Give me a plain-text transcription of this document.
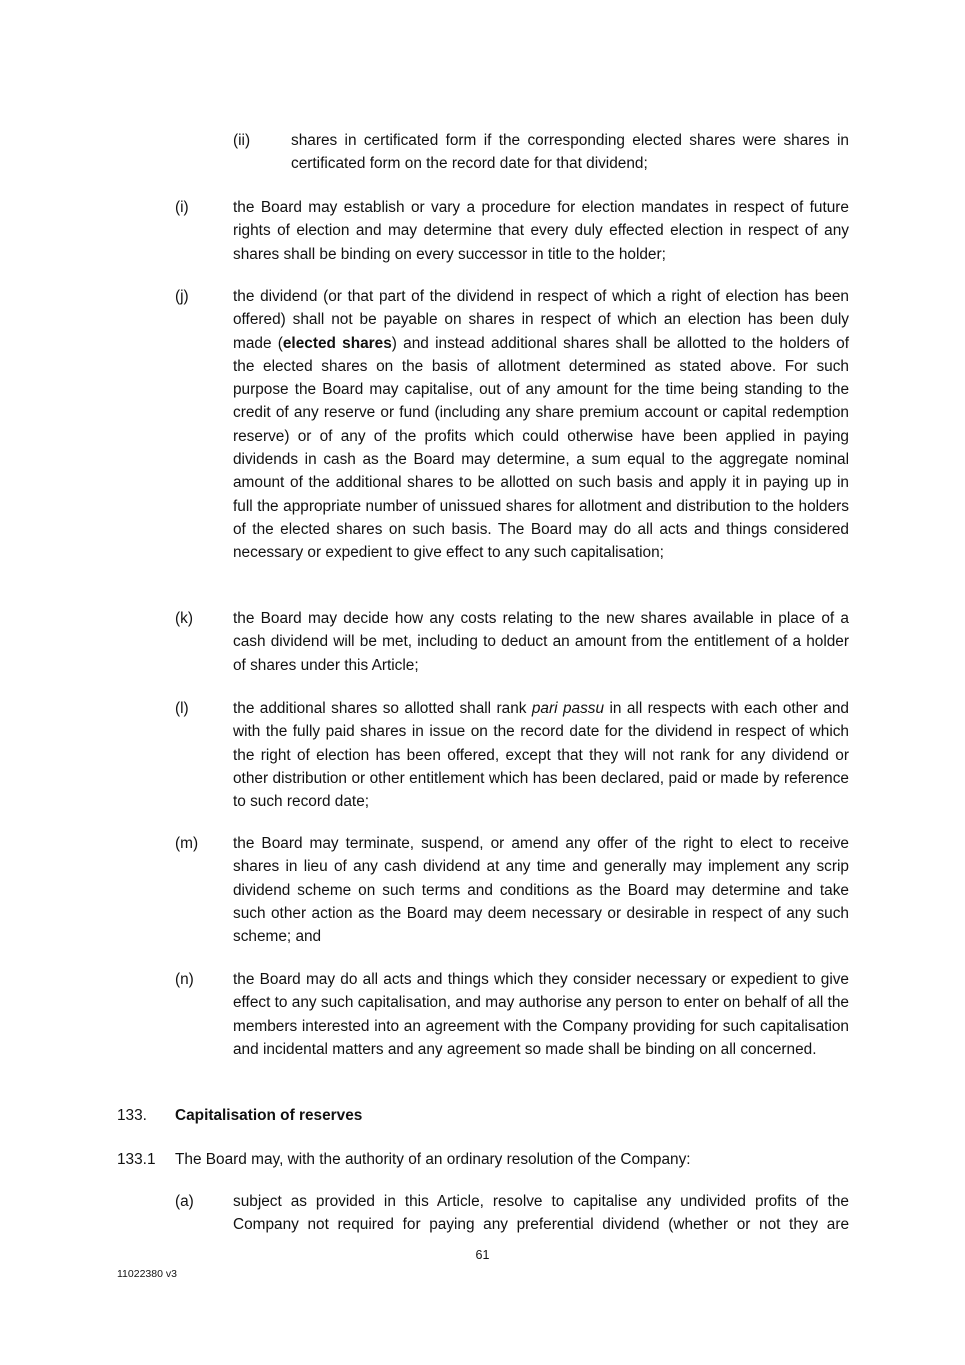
(ii)	shares in certificated form if the corresponding elected shares were shares in certificated form on the record date for that dividend;
(i)	the Board may establish or vary a procedure for election mandates in respect of future rights of election and may determine that every duly effected election in respect of any shares shall be binding on every successor in title to the holder;
(j)	the dividend (or that part of the dividend in respect of which a right of election has been offered) shall not be payable on shares in respect of which an election has been duly made (elected shares) and instead additional shares shall be allotted to the holders of the elected shares on the basis of allotment determined as stated above. For such purpose the Board may capitalise, out of any amount for the time being standing to the credit of any reserve or fund (including any share premium account or capital redemption reserve) or of any of the profits which could otherwise have been applied in paying dividends in cash as the Board may determine, a sum equal to the aggregate nominal amount of the additional shares to be allotted on such basis and apply it in paying up in full the appropriate number of unissued shares for allotment and distribution to the holders of the elected shares on such basis. The Board may do all acts and things considered necessary or expedient to give effect to any such capitalisation;
(k)	the Board may decide how any costs relating to the new shares available in place of a cash dividend will be met, including to deduct an amount from the entitlement of a holder of shares under this Article;
(l)	the additional shares so allotted shall rank pari passu in all respects with each other and with the fully paid shares in issue on the record date for the dividend in respect of which the right of election has been offered, except that they will not rank for any dividend or other distribution or other entitlement which has been declared, paid or made by reference to such record date;
(m) the Board may terminate, suspend, or amend any offer of the right to elect to receive shares in lieu of any cash dividend at any time and generally may implement any scrip dividend scheme on such terms and conditions as the Board may determine and take such other action as the Board may deem necessary or desirable in respect of any such scheme; and
(n)	the Board may do all acts and things which they consider necessary or expedient to give effect to any such capitalisation, and may authorise any person to enter on behalf of all the members interested into an agreement with the Company providing for such capitalisation and incidental matters and any agreement so made shall be binding on all concerned.
133. Capitalisation of reserves
133.1 The Board may, with the authority of an ordinary resolution of the Company:
(a)	subject as provided in this Article, resolve to capitalise any undivided profits of the Company not required for paying any preferential dividend (whether or not they are
61
11022380 v3
